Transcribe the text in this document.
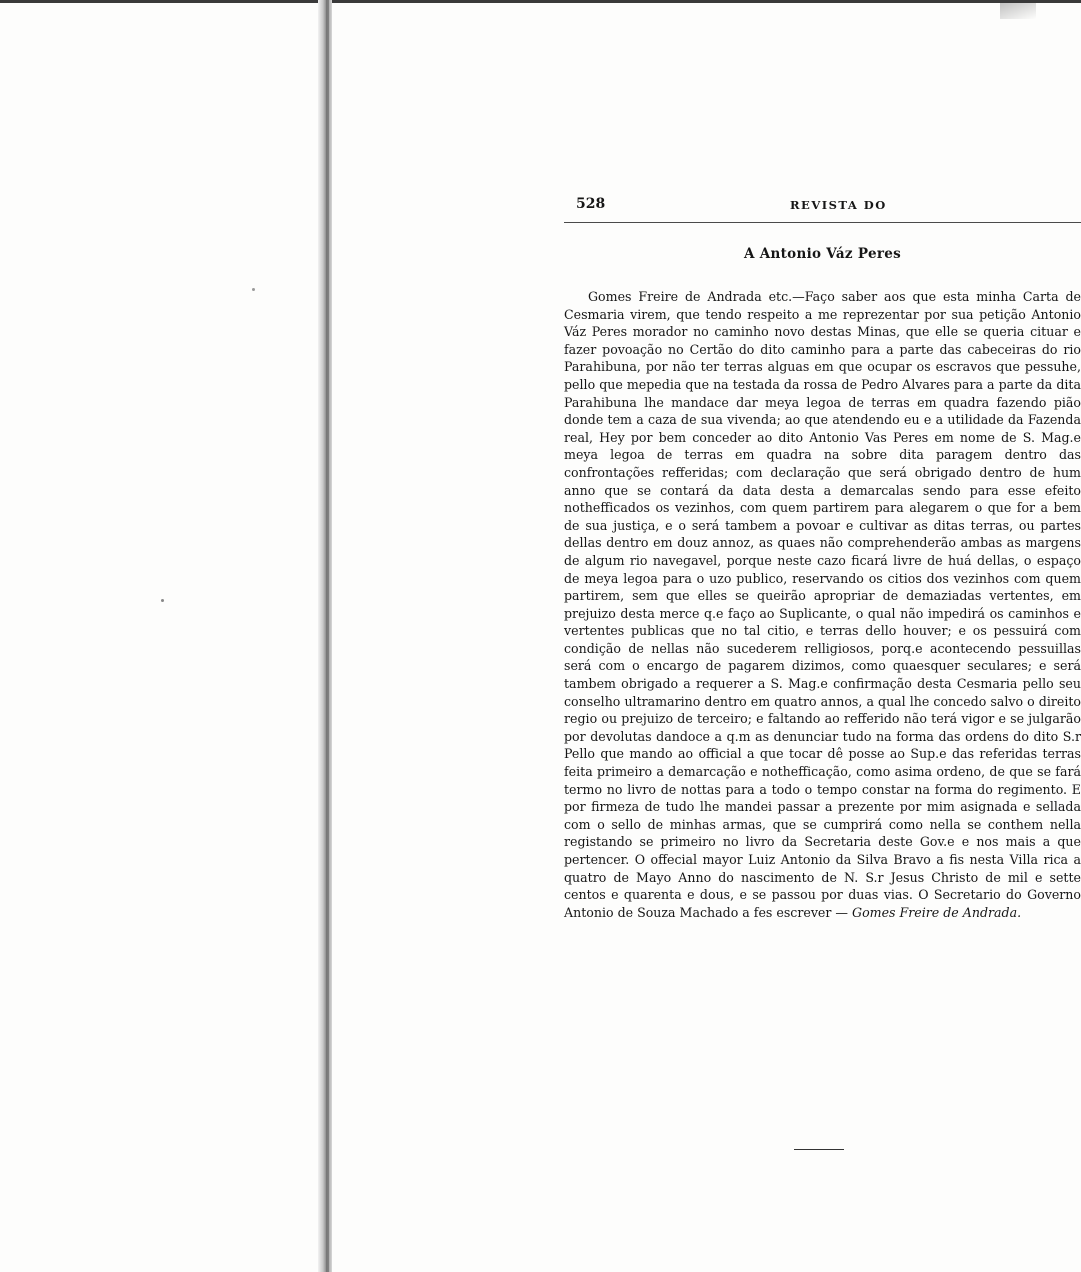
528	REVISTA DO
A Antonio Váz Peres

Gomes Freire de Andrada etc.—Faço saber aos que esta minha Carta de Cesmaria virem, que tendo respeito a me reprezentar por sua petição Antonio Váz Peres morador no caminho novo destas Minas, que elle se queria cituar e fazer povoação no Certão do dito caminho para a parte das cabeceiras do rio Parahibuna, por não ter terras alguas em que ocupar os escravos que pessuhe, pello que mepedia que na testada da rossa de Pedro Alvares para a parte da dita Parahibuna lhe mandace dar meya legoa de terras em quadra fazendo pião donde tem a caza de sua vivenda; ao que atendendo eu e a utilidade da Fazenda real, Hey por bem conceder ao dito Antonio Vas Peres em nome de S. Mag.e meya legoa de terras em quadra na sobre dita paragem dentro das confrontações refferidas; com declaração que será obrigado dentro de hum anno que se contará da data desta a demarcalas sendo para esse efeito nothefficados os vezinhos, com quem partirem para alegarem o que for a bem de sua justiça, e o será tambem a povoar e cultivar as ditas terras, ou partes dellas dentro em douz annoz, as quaes não comprehenderão ambas as margens de algum rio navegavel, porque neste cazo ficará livre de huá dellas, o espaço de meya legoa para o uzo publico, reservando os citios dos vezinhos com quem partirem, sem que elles se queirão apropriar de demaziadas vertentes, em prejuizo desta merce q.e faço ao Suplicante, o qual não impedirá os caminhos e vertentes publicas que no tal citio, e terras dello houver; e os pessuirá com condição de nellas não sucederem relligiosos, porq.e acontecendo pessuillas será com o encargo de pagarem dizimos, como quaesquer seculares; e será tambem obrigado a requerer a S. Mag.e confirmação desta Cesmaria pello seu conselho ultramarino dentro em quatro annos, a qual lhe concedo salvo o direito regio ou prejuizo de terceiro; e faltando ao refferido não terá vigor e se julgarão por devolutas dandoce a q.m as denunciar tudo na forma das ordens do dito S.r Pello que mando ao official a que tocar dê posse ao Sup.e das referidas terras feita primeiro a demarcação e nothefficação, como asima ordeno, de que se fará termo no livro de nottas para a todo o tempo constar na forma do regimento. E por firmeza de tudo lhe mandei passar a prezente por mim asignada e sellada com o sello de minhas armas, que se cumprirá como nella se conthem nella registando se primeiro no livro da Secretaria deste Gov.e e nos mais a que pertencer. O offecial mayor Luiz Antonio da Silva Bravo a fis nesta Villa rica a quatro de Mayo Anno do nascimento de N. S.r Jesus Christo de mil e sette centos e quarenta e dous, e se passou por duas vias. O Secretario do Governo Antonio de Souza Machado a fes escrever — Gomes Freire de Andrada.
